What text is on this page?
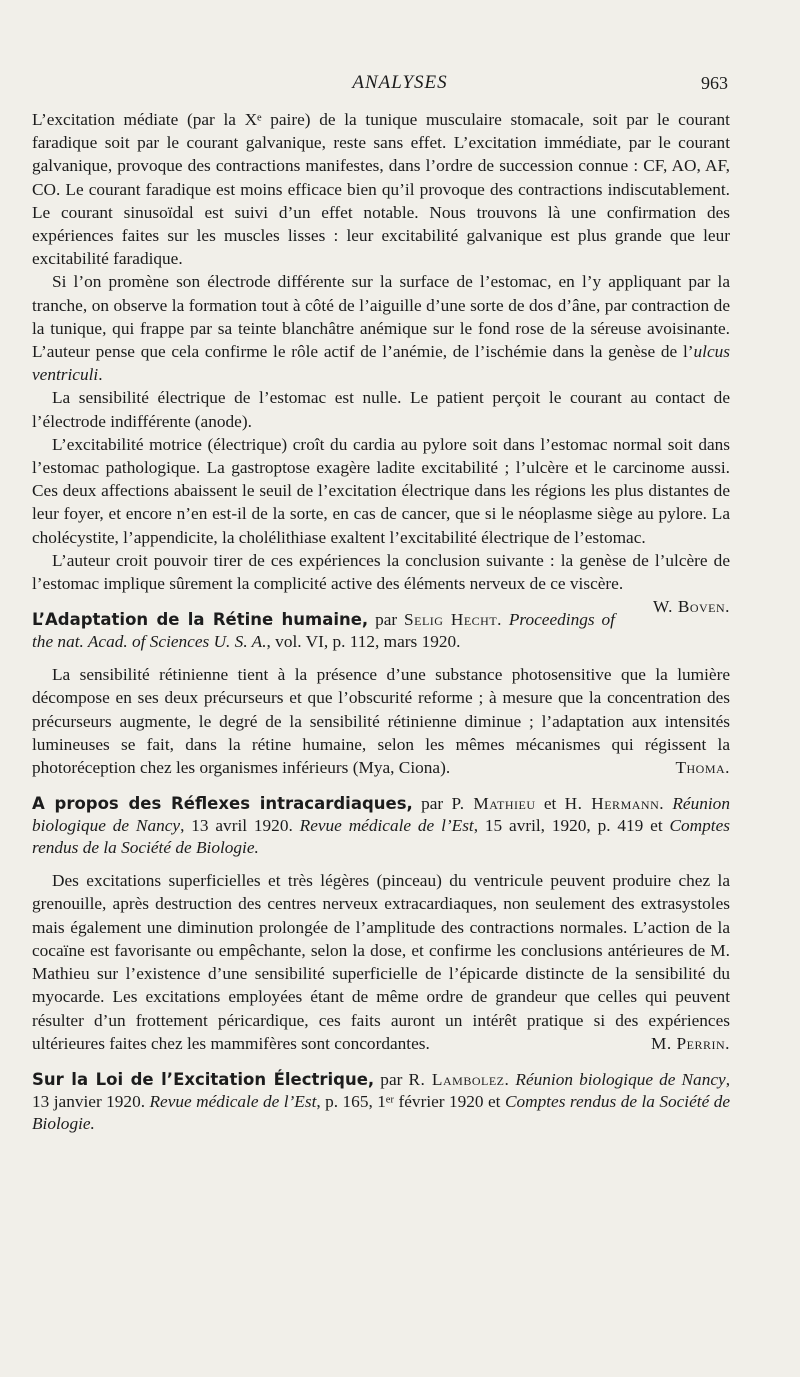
ANALYSES	963

L’excitation médiate (par la Xᵉ paire) de la tunique musculaire stomacale, soit par le courant faradique soit par le courant galvanique, reste sans effet. L’excitation immédiate, par le courant galvanique, provoque des contractions manifestes, dans l’ordre de succession connue : CF, AO, AF, CO. Le courant faradique est moins efficace bien qu’il provoque des contractions indiscutablement. Le courant sinusoïdal est suivi d’un effet notable. Nous trouvons là une confirmation des expériences faites sur les muscles lisses : leur excitabilité galvanique est plus grande que leur excitabilité faradique.

Si l’on promène son électrode différente sur la surface de l’estomac, en l’y appliquant par la tranche, on observe la formation tout à côté de l’aiguille d’une sorte de dos d’âne, par contraction de la tunique, qui frappe par sa teinte blanchâtre anémique sur le fond rose de la séreuse avoisinante. L’auteur pense que cela confirme le rôle actif de l’anémie, de l’ischémie dans la genèse de l’ulcus ventriculi.

La sensibilité électrique de l’estomac est nulle. Le patient perçoit le courant au contact de l’électrode indifférente (anode).

L’excitabilité motrice (électrique) croît du cardia au pylore soit dans l’estomac normal soit dans l’estomac pathologique. La gastroptose exagère ladite excitabilité ; l’ulcère et le carcinome aussi. Ces deux affections abaissent le seuil de l’excitation électrique dans les régions les plus distantes de leur foyer, et encore n’en est-il de la sorte, en cas de cancer, que si le néoplasme siège au pylore. La cholécystite, l’appendicite, la cholélithiase exaltent l’excitabilité électrique de l’estomac.

L’auteur croit pouvoir tirer de ces expériences la conclusion suivante : la genèse de l’ulcère de l’estomac implique sûrement la complicité active des éléments nerveux de ce viscère.
W. Boven.

L’Adaptation de la Rétine humaine, par Selig Hecht. Proceedings of the nat. Acad. of Sciences U. S. A., vol. VI, p. 112, mars 1920.

La sensibilité rétinienne tient à la présence d’une substance photosensitive que la lumière décompose en ses deux précurseurs et que l’obscurité reforme ; à mesure que la concentration des précurseurs augmente, le degré de la sensibilité rétinienne diminue ; l’adaptation aux intensités lumineuses se fait, dans la rétine humaine, selon les mêmes mécanismes qui régissent la photoréception chez les organismes inférieurs (Mya, Ciona).	Thoma.

A propos des Réflexes intracardiaques, par P. Mathieu et H. Hermann. Réunion biologique de Nancy, 13 avril 1920. Revue médicale de l’Est, 15 avril, 1920, p. 419 et Comptes rendus de la Société de Biologie.

Des excitations superficielles et très légères (pinceau) du ventricule peuvent produire chez la grenouille, après destruction des centres nerveux extracardiaques, non seulement des extrasystoles mais également une diminution prolongée de l’amplitude des contractions normales. L’action de la cocaïne est favorisante ou empêchante, selon la dose, et confirme les conclusions antérieures de M. Mathieu sur l’existence d’une sensibilité superficielle de l’épicarde distincte de la sensibilité du myocarde. Les excitations employées étant de même ordre de grandeur que celles qui peuvent résulter d’un frottement péricardique, ces faits auront un intérêt pratique si des expériences ultérieures faites chez les mammifères sont concordantes.	M. Perrin.

Sur la Loi de l’Excitation Électrique, par R. Lambolez. Réunion biologique de Nancy, 13 janvier 1920. Revue médicale de l’Est, p. 165, 1ᵉʳ février 1920 et Comptes rendus de la Société de Biologie.
